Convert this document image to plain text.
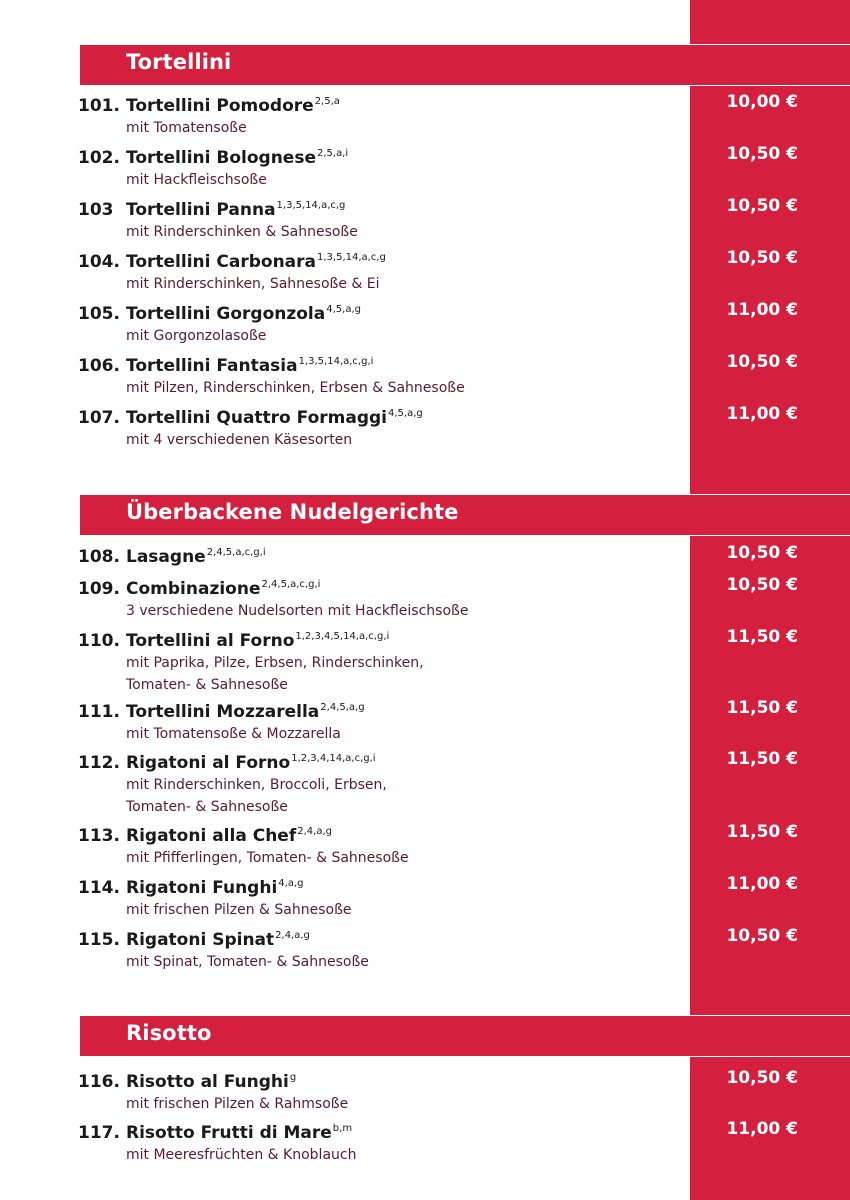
Tortellini
101. Tortellini Pomodore$^{2,5,a}$
mit Tomatensoße
10,00 €
102. Tortellini Bolognese$^{2,5,a,i}$
mit Hackfleischsoße
10,50 €
103 Tortellini Panna$^{1,3,5,14,a,c,g}$
mit Rinderschinken & Sahnesoße
10,50 €
104. Tortellini Carbonara$^{1,3,5,14,a,c,g}$
mit Rinderschinken, Sahnesoße & Ei
10,50 €
105. Tortellini Gorgonzola$^{4,5,a,g}$
mit Gorgonzolasoße
11,00 €
106. Tortellini Fantasia$^{1,3,5,14,a,c,g,i}$
mit Pilzen, Rinderschinken, Erbsen & Sahnesoße
10,50 €
107. Tortellini Quattro Formaggi$^{4,5,a,g}$
mit 4 verschiedenen Käsesorten
11,00 €
Überbackene Nudelgerichte
108. Lasagne$^{2,4,5,a,c,g,i}$	10,50 €
109. Combinazione$^{2,4,5,a,c,g,i}$
3 verschiedene Nudelsorten mit Hackfleischsoße
10,50 €
110. Tortellini al Forno$^{1,2,3,4,5,14,a,c,g,i}$
mit Paprika, Pilze, Erbsen, Rinderschinken,
Tomaten- & Sahnesoße
11,50 €
111. Tortellini Mozzarella$^{2,4,5,a,g}$
mit Tomatensoße & Mozzarella
11,50 €
112. Rigatoni al Forno$^{1,2,3,4,14,a,c,g,i}$
mit Rinderschinken, Broccoli, Erbsen,
Tomaten- & Sahnesoße
11,50 €
113. Rigatoni alla Chef$^{2,4,a,g}$
mit Pfifferlingen, Tomaten- & Sahnesoße
11,50 €
114. Rigatoni Funghi$^{4,a,g}$
mit frischen Pilzen & Sahnesoße
11,00 €
115. Rigatoni Spinat$^{2,4,a,g}$
mit Spinat, Tomaten- & Sahnesoße
10,50 €
Risotto
116. Risotto al Funghi$^g$
mit frischen Pilzen & Rahmsoße
10,50 €
117. Risotto Frutti di Mare$^{b,m}$
mit Meeresfrüchten & Knoblauch
11,00 €
